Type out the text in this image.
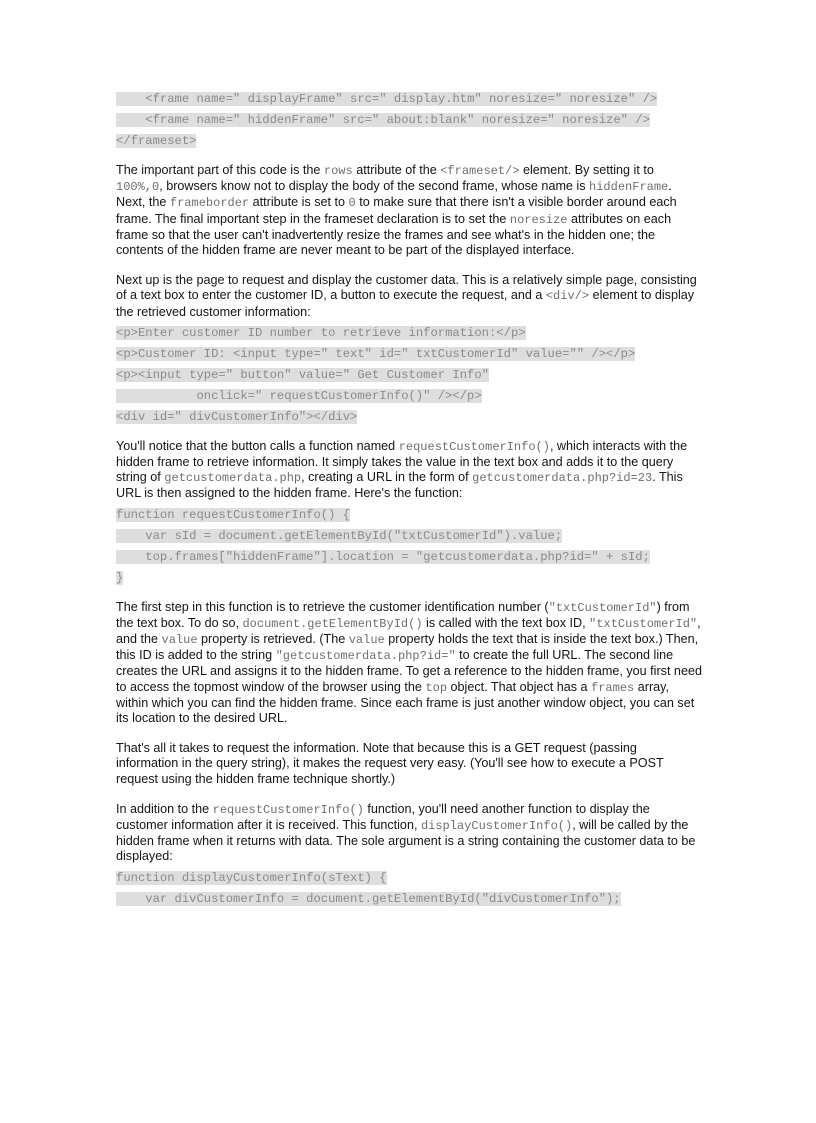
<frame name=" displayFrame" src=" display.htm" noresize=" noresize" />

<frame name=" hiddenFrame" src=" about:blank" noresize=" noresize" />

</frameset>

The important part of this code is the rows attribute of the <frameset/> element. By setting it to 100%,0, browsers know not to display the body of the second frame, whose name is hiddenFrame. Next, the frameborder attribute is set to 0 to make sure that there isn't a visible border around each frame. The final important step in the frameset declaration is to set the noresize attributes on each frame so that the user can't inadvertently resize the frames and see what's in the hidden one; the contents of the hidden frame are never meant to be part of the displayed interface.

Next up is the page to request and display the customer data. This is a relatively simple page, consisting of a text box to enter the customer ID, a button to execute the request, and a <div/> element to display the retrieved customer information:

<p>Enter customer ID number to retrieve information:</p>

<p>Customer ID: <input type=" text" id=" txtCustomerId" value="" /></p>

<p><input type=" button" value=" Get Customer Info"

onclick=" requestCustomerInfo()" /></p>

<div id=" divCustomerInfo"></div>

You'll notice that the button calls a function named requestCustomerInfo(), which interacts with the hidden frame to retrieve information. It simply takes the value in the text box and adds it to the query string of getcustomerdata.php, creating a URL in the form of getcustomerdata.php?id=23. This URL is then assigned to the hidden frame. Here's the function:

function requestCustomerInfo() {

var sId = document.getElementById("txtCustomerId").value;

top.frames["hiddenFrame"].location = "getcustomerdata.php?id=" + sId;

}

The first step in this function is to retrieve the customer identification number ("txtCustomerId") from the text box. To do so, document.getElementById() is called with the text box ID, "txtCustomerId", and the value property is retrieved. (The value property holds the text that is inside the text box.) Then, this ID is added to the string "getcustomerdata.php?id=" to create the full URL. The second line creates the URL and assigns it to the hidden frame. To get a reference to the hidden frame, you first need to access the topmost window of the browser using the top object. That object has a frames array, within which you can find the hidden frame. Since each frame is just another window object, you can set its location to the desired URL.

That's all it takes to request the information. Note that because this is a GET request (passing information in the query string), it makes the request very easy. (You'll see how to execute a POST request using the hidden frame technique shortly.)

In addition to the requestCustomerInfo() function, you'll need another function to display the customer information after it is received. This function, displayCustomerInfo(), will be called by the hidden frame when it returns with data. The sole argument is a string containing the customer data to be displayed:

function displayCustomerInfo(sText) {

var divCustomerInfo = document.getElementById("divCustomerInfo");
